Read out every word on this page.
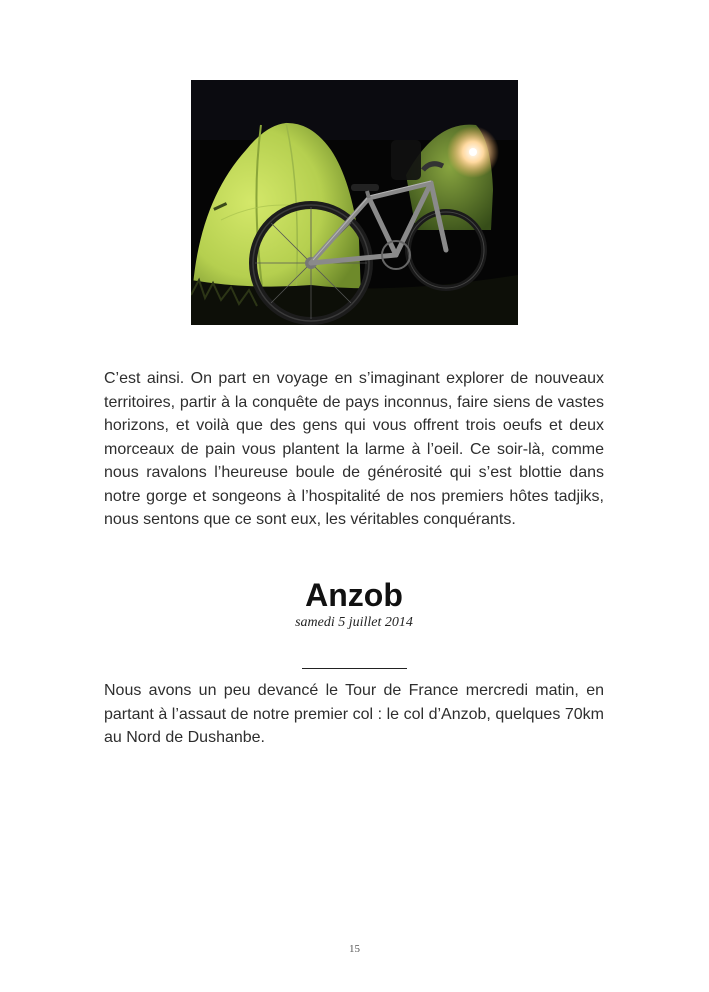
C’est ainsi. On part en voyage en s’imaginant explorer de nouveaux territoires, partir à la conquête de pays inconnus, faire siens de vastes horizons, et voilà que des gens qui vous offrent trois oeufs et deux morceaux de pain vous plantent la larme à l’oeil. Ce soir-là, comme nous ravalons l’heureuse boule de générosité qui s’est blottie dans notre gorge et songeons à l’hospitalité de nos premiers hôtes tadjiks, nous sentons que ce sont eux, les véritables conquérants.

Anzob
samedi 5 juillet 2014

Nous avons un peu devancé le Tour de France mercredi matin, en partant à l’assaut de notre premier col : le col d’Anzob, quelques 70km au Nord de Dushanbe.

15
